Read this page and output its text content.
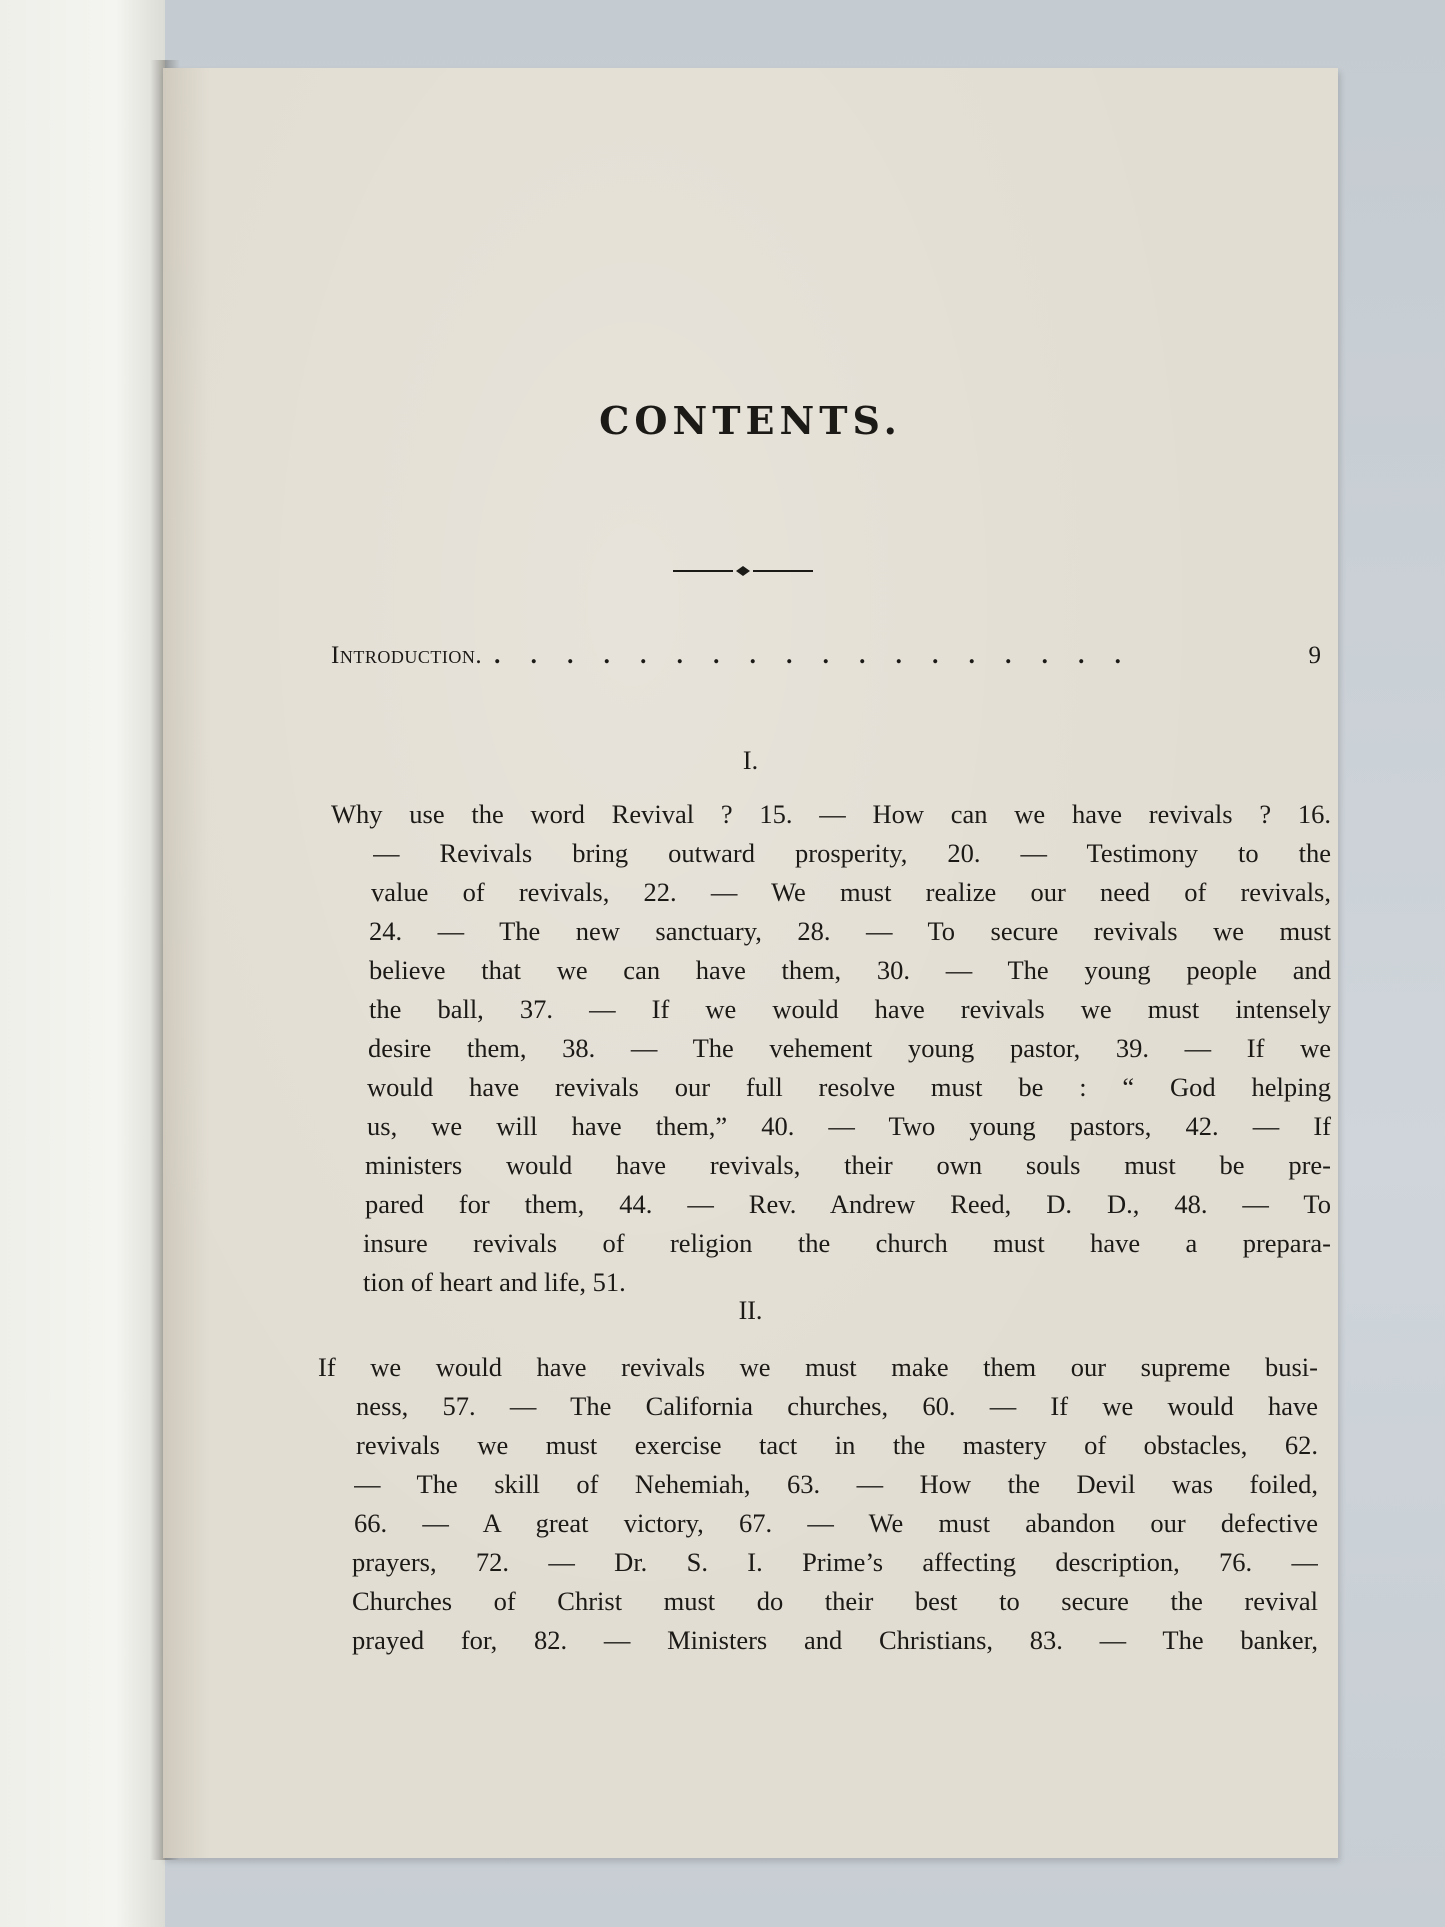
CONTENTS.
Introduction. . . . . . . . . . . . . . . . . . .	9
I.
Why use the word Revival ? 15. — How can we have revivals ? 16.
— Revivals bring outward prosperity, 20. — Testimony to the
value of revivals, 22. — We must realize our need of revivals,
24. — The new sanctuary, 28. — To secure revivals we must
believe that we can have them, 30. — The young people and
the ball, 37. — If we would have revivals we must intensely
desire them, 38. — The vehement young pastor, 39. — If we
would have revivals our full resolve must be : “ God helping
us, we will have them,” 40. — Two young pastors, 42. — If
ministers would have revivals, their own souls must be pre-
pared for them, 44. — Rev. Andrew Reed, D. D., 48. — To
insure revivals of religion the church must have a prepara-
tion of heart and life, 51.
II.
If we would have revivals we must make them our supreme busi-
ness, 57. — The California churches, 60. — If we would have
revivals we must exercise tact in the mastery of obstacles, 62.
— The skill of Nehemiah, 63. — How the Devil was foiled,
66. — A great victory, 67. — We must abandon our defective
prayers, 72. — Dr. S. I. Prime’s affecting description, 76. —
Churches of Christ must do their best to secure the revival
prayed for, 82. — Ministers and Christians, 83. — The banker,
